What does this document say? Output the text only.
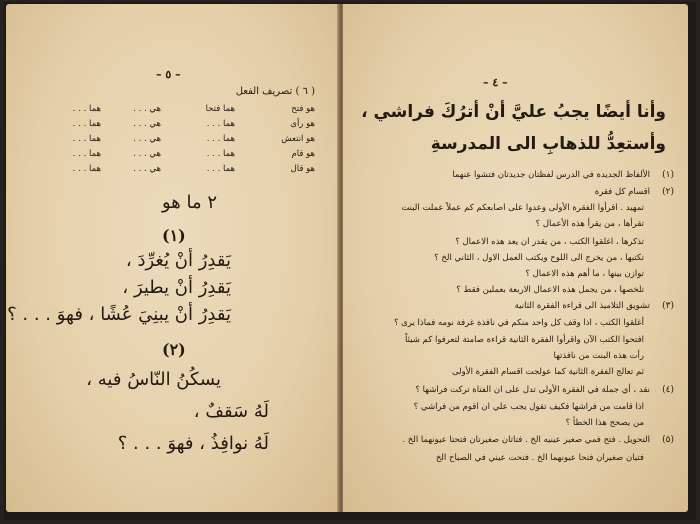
– ٥ –
( ٦ ) تصريف الفعل
هو فتح
هما فتحا
هي . . .
هما . . .
هو رأى
هما . . .
هي . . .
هما . . .
هو انتعش
هما . . .
هي . . .
هما . . .
هو قام
هما . . .
هي . . .
هما . . .
هو قال
هما . . .
هي . . .
هما . . .
٢ ما هو
(١)
يَقدِرُ أنْ يُغرِّدَ ،
يَقدِرُ أنْ يطيرَ ،
يَقدِرُ أنْ يبنِيَ عُشًا ، فهوَ . . . ؟
(٢)
يسكُنُ النّاسُ فيه ،
لَهُ سَقفٌ ،
لَهُ نوافِذُ ، فهوَ . . . ؟
– ٤ –
وأنا أيضًا يجبُ عليَّ أنْ أترُكَ فراشي ،
وأستعِدُّ للذهابِ الى المدرسةِ
(١)
الألفاظ الجديدة في الدرس لفظتان جديدتان فتشوا عنهما
(٢)
اقسام كل فقرة
تمهيد . اقرأوا الفقرة الأولى وعدوا على اصابعكم كم عملاً عملت البنت
تقرأها ، من يقرأ هذه الأعمال ؟
تذكرها ، اغلقوا الكتب ، من يقدر ان يعد هذه الاعمال ؟
تكتبها ، من يخرج الى اللوح ويكتب العمل الاول ، الثاني الخ ؟
توازن بينها ، ما أهم هذه الاعمال ؟
تلخصها ، من يجمل هذه الاعمال الاربعة بعملين فقط ؟
(٣)
تشويق التلاميذ الى قراءة الفقرة الثانية
أغلقوا الكتب ، اذا وقف كل واحد منكم في نافذة غرفة نومه فماذا يرى ؟
افتحوا الكتب الآن واقرأوا الفقرة الثانية قراءة صامتة لتعرفوا كم شيئاً
رأت هذه البنت من نافذتها
ثم تعالج الفقرة الثانية كما عولجت اقسام الفقرة الأولى
(٤)
نقد ، أي جملة في الفقرة الأولى تدل على ان الفتاة تركت فراشها ؟
اذا قامت من فراشها فكيف تقول يجب علي ان اقوم من فراشي ؟
من يصحح هذا الخطأ ؟
(٥)
التحويل . فتح فمي صغير عينيه الخ . فتاتان صغيرتان فتحتا عيونهما الخ .
فتيان صغيران فتحا عيونهما الخ . فتحت عيني في الصباح الخ
